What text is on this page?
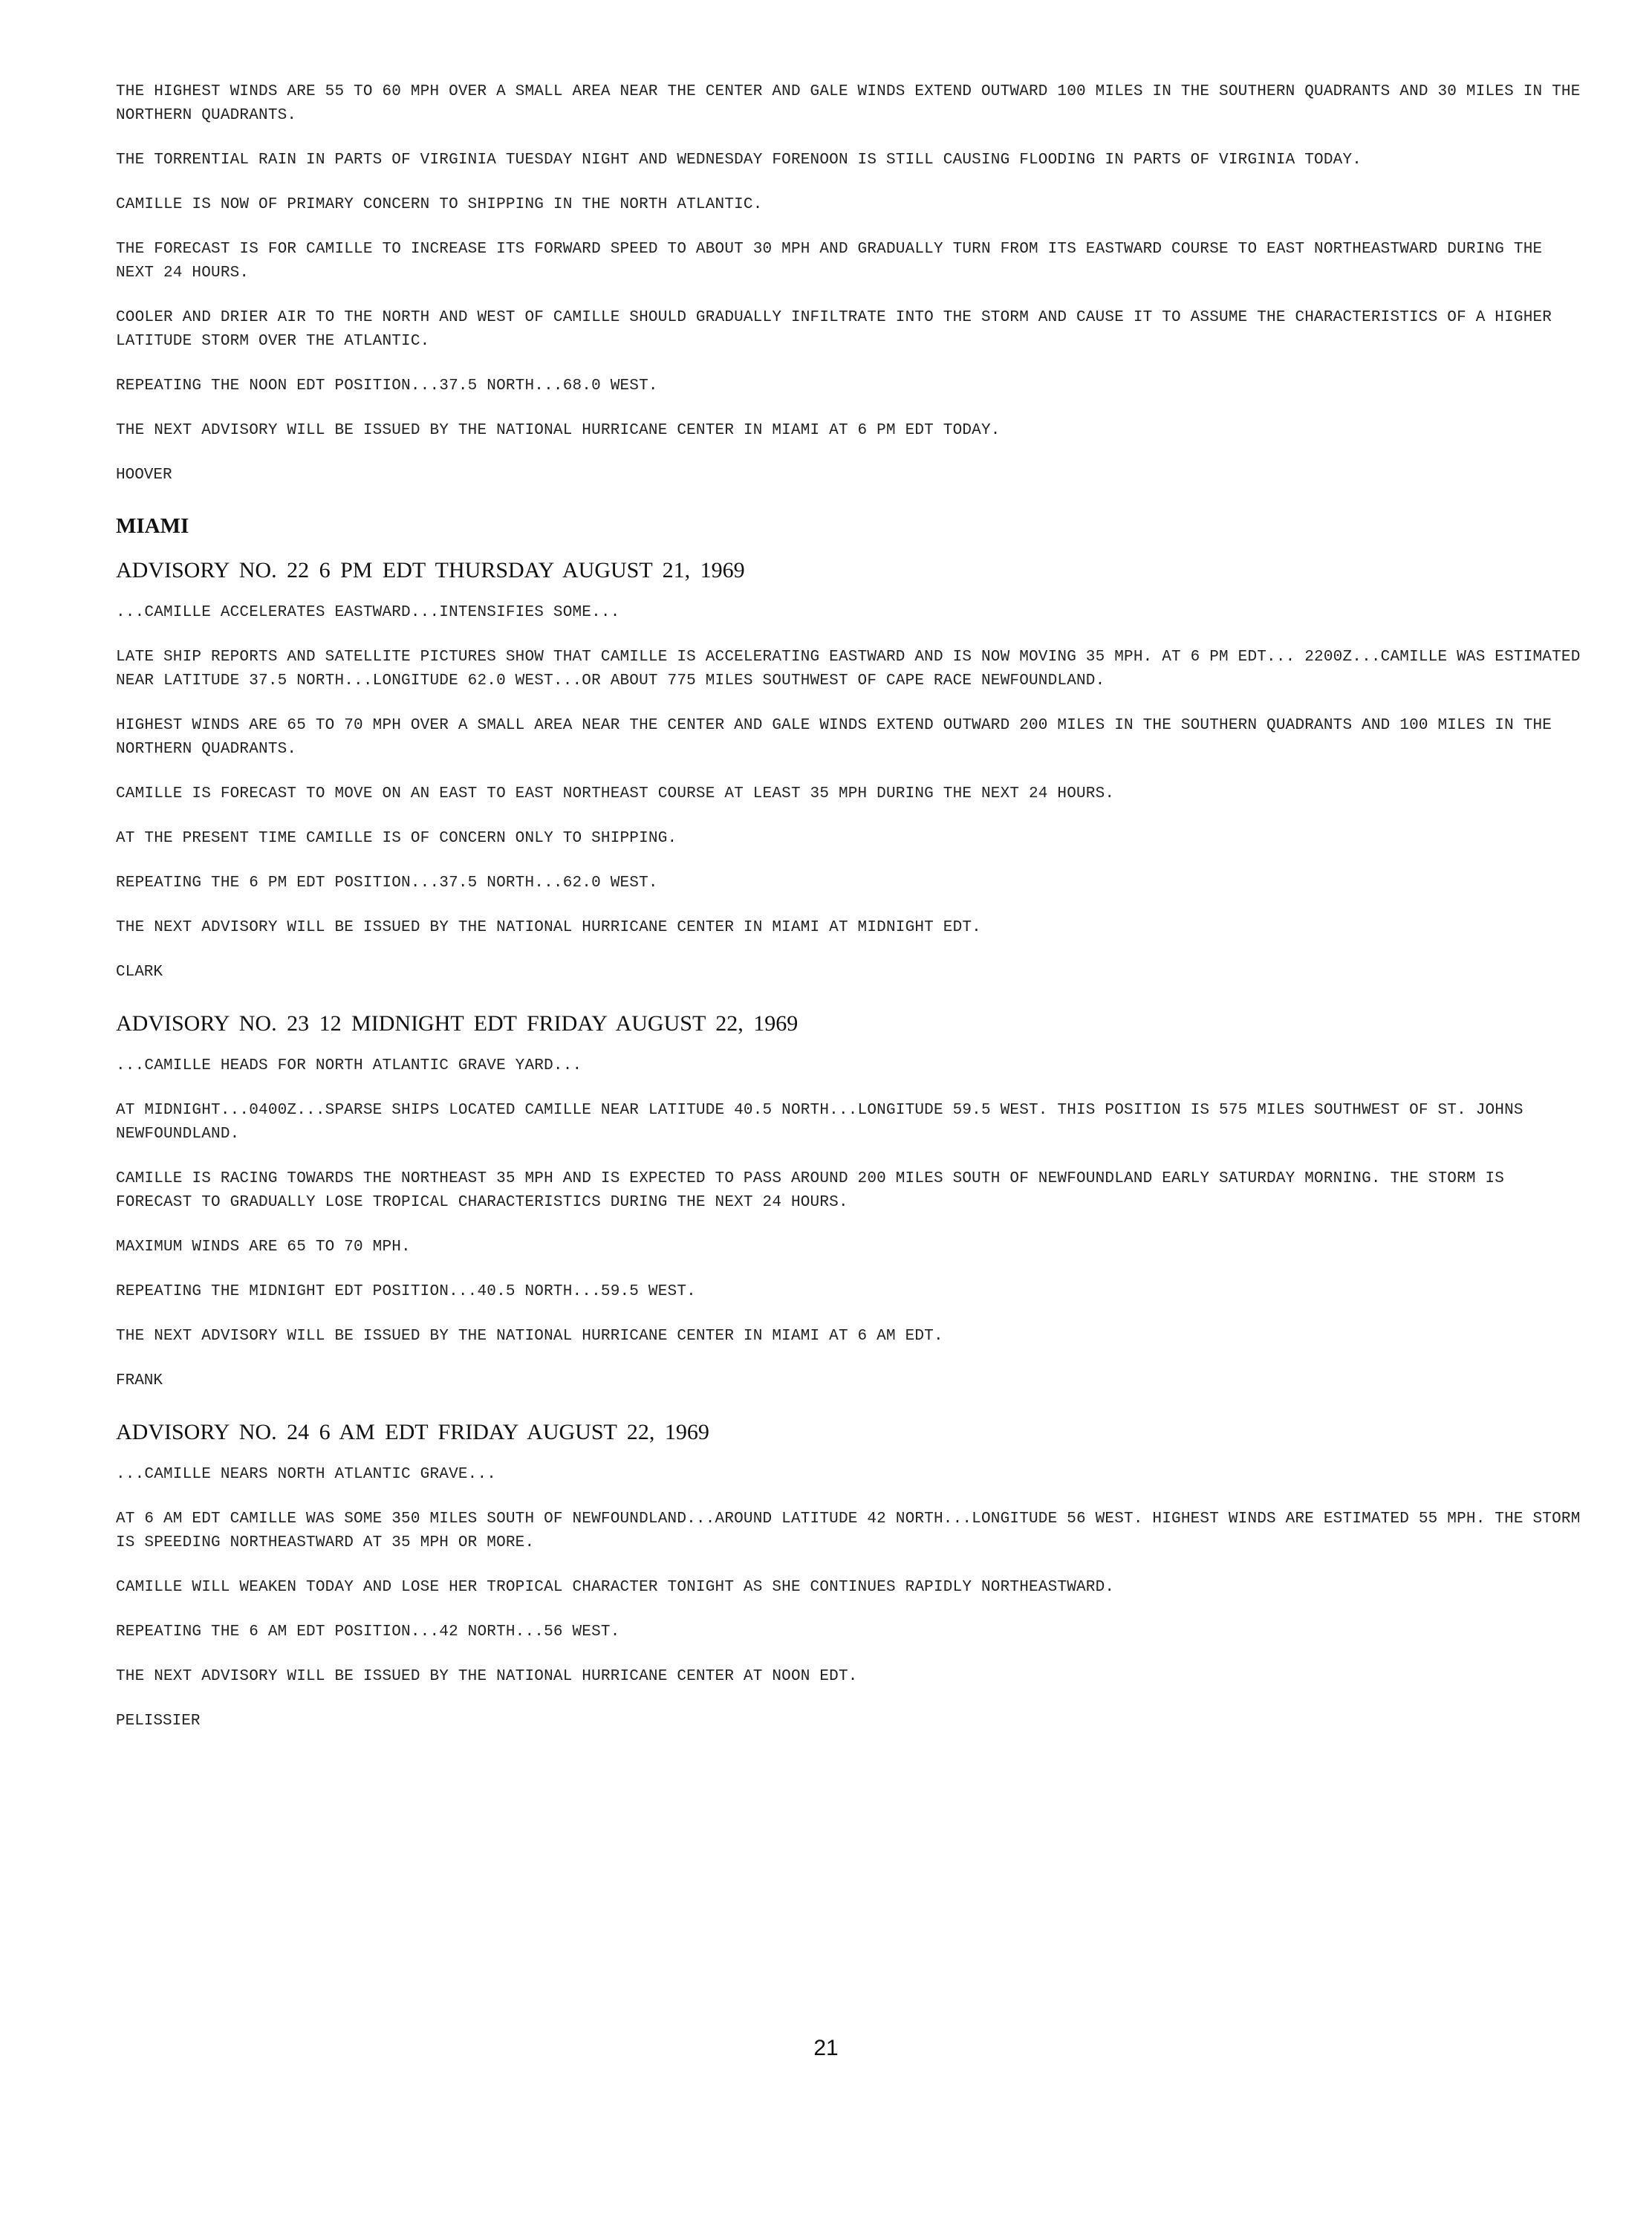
THE HIGHEST WINDS ARE 55 TO 60 MPH OVER A SMALL AREA NEAR THE CENTER AND GALE WINDS EXTEND OUTWARD 100 MILES IN THE SOUTHERN QUADRANTS AND 30 MILES IN THE NORTHERN QUADRANTS.

THE TORRENTIAL RAIN IN PARTS OF VIRGINIA TUESDAY NIGHT AND WEDNESDAY FORENOON IS STILL CAUSING FLOODING IN PARTS OF VIRGINIA TODAY.

CAMILLE IS NOW OF PRIMARY CONCERN TO SHIPPING IN THE NORTH ATLANTIC.

THE FORECAST IS FOR CAMILLE TO INCREASE ITS FORWARD SPEED TO ABOUT 30 MPH AND GRADUALLY TURN FROM ITS EASTWARD COURSE TO EAST NORTHEASTWARD DURING THE NEXT 24 HOURS.

COOLER AND DRIER AIR TO THE NORTH AND WEST OF CAMILLE SHOULD GRADUALLY INFILTRATE INTO THE STORM AND CAUSE IT TO ASSUME THE CHARACTERISTICS OF A HIGHER LATITUDE STORM OVER THE ATLANTIC.

REPEATING THE NOON EDT POSITION...37.5 NORTH...68.0 WEST.

THE NEXT ADVISORY WILL BE ISSUED BY THE NATIONAL HURRICANE CENTER IN MIAMI AT 6 PM EDT TODAY.

HOOVER

MIAMI
ADVISORY NO. 22 6 PM EDT THURSDAY AUGUST 21, 1969

...CAMILLE ACCELERATES EASTWARD...INTENSIFIES SOME...

LATE SHIP REPORTS AND SATELLITE PICTURES SHOW THAT CAMILLE IS ACCELERATING EASTWARD AND IS NOW MOVING 35 MPH. AT 6 PM EDT... 2200Z...CAMILLE WAS ESTIMATED NEAR LATITUDE 37.5 NORTH...LONGITUDE 62.0 WEST...OR ABOUT 775 MILES SOUTHWEST OF CAPE RACE NEWFOUNDLAND.

HIGHEST WINDS ARE 65 TO 70 MPH OVER A SMALL AREA NEAR THE CENTER AND GALE WINDS EXTEND OUTWARD 200 MILES IN THE SOUTHERN QUADRANTS AND 100 MILES IN THE NORTHERN QUADRANTS.

CAMILLE IS FORECAST TO MOVE ON AN EAST TO EAST NORTHEAST COURSE AT LEAST 35 MPH DURING THE NEXT 24 HOURS.

AT THE PRESENT TIME CAMILLE IS OF CONCERN ONLY TO SHIPPING.

REPEATING THE 6 PM EDT POSITION...37.5 NORTH...62.0 WEST.

THE NEXT ADVISORY WILL BE ISSUED BY THE NATIONAL HURRICANE CENTER IN MIAMI AT MIDNIGHT EDT.

CLARK

ADVISORY NO. 23 12 MIDNIGHT EDT FRIDAY AUGUST 22, 1969

...CAMILLE HEADS FOR NORTH ATLANTIC GRAVE YARD...

AT MIDNIGHT...0400Z...SPARSE SHIPS LOCATED CAMILLE NEAR LATITUDE 40.5 NORTH...LONGITUDE 59.5 WEST. THIS POSITION IS 575 MILES SOUTHWEST OF ST. JOHNS NEWFOUNDLAND.

CAMILLE IS RACING TOWARDS THE NORTHEAST 35 MPH AND IS EXPECTED TO PASS AROUND 200 MILES SOUTH OF NEWFOUNDLAND EARLY SATURDAY MORNING. THE STORM IS FORECAST TO GRADUALLY LOSE TROPICAL CHARACTERISTICS DURING THE NEXT 24 HOURS.

MAXIMUM WINDS ARE 65 TO 70 MPH.

REPEATING THE MIDNIGHT EDT POSITION...40.5 NORTH...59.5 WEST.

THE NEXT ADVISORY WILL BE ISSUED BY THE NATIONAL HURRICANE CENTER IN MIAMI AT 6 AM EDT.

FRANK

ADVISORY NO. 24 6 AM EDT FRIDAY AUGUST 22, 1969

...CAMILLE NEARS NORTH ATLANTIC GRAVE...

AT 6 AM EDT CAMILLE WAS SOME 350 MILES SOUTH OF NEWFOUNDLAND...AROUND LATITUDE 42 NORTH...LONGITUDE 56 WEST. HIGHEST WINDS ARE ESTIMATED 55 MPH. THE STORM IS SPEEDING NORTHEASTWARD AT 35 MPH OR MORE.

CAMILLE WILL WEAKEN TODAY AND LOSE HER TROPICAL CHARACTER TONIGHT AS SHE CONTINUES RAPIDLY NORTHEASTWARD.

REPEATING THE 6 AM EDT POSITION...42 NORTH...56 WEST.

THE NEXT ADVISORY WILL BE ISSUED BY THE NATIONAL HURRICANE CENTER AT NOON EDT.

PELISSIER

21
